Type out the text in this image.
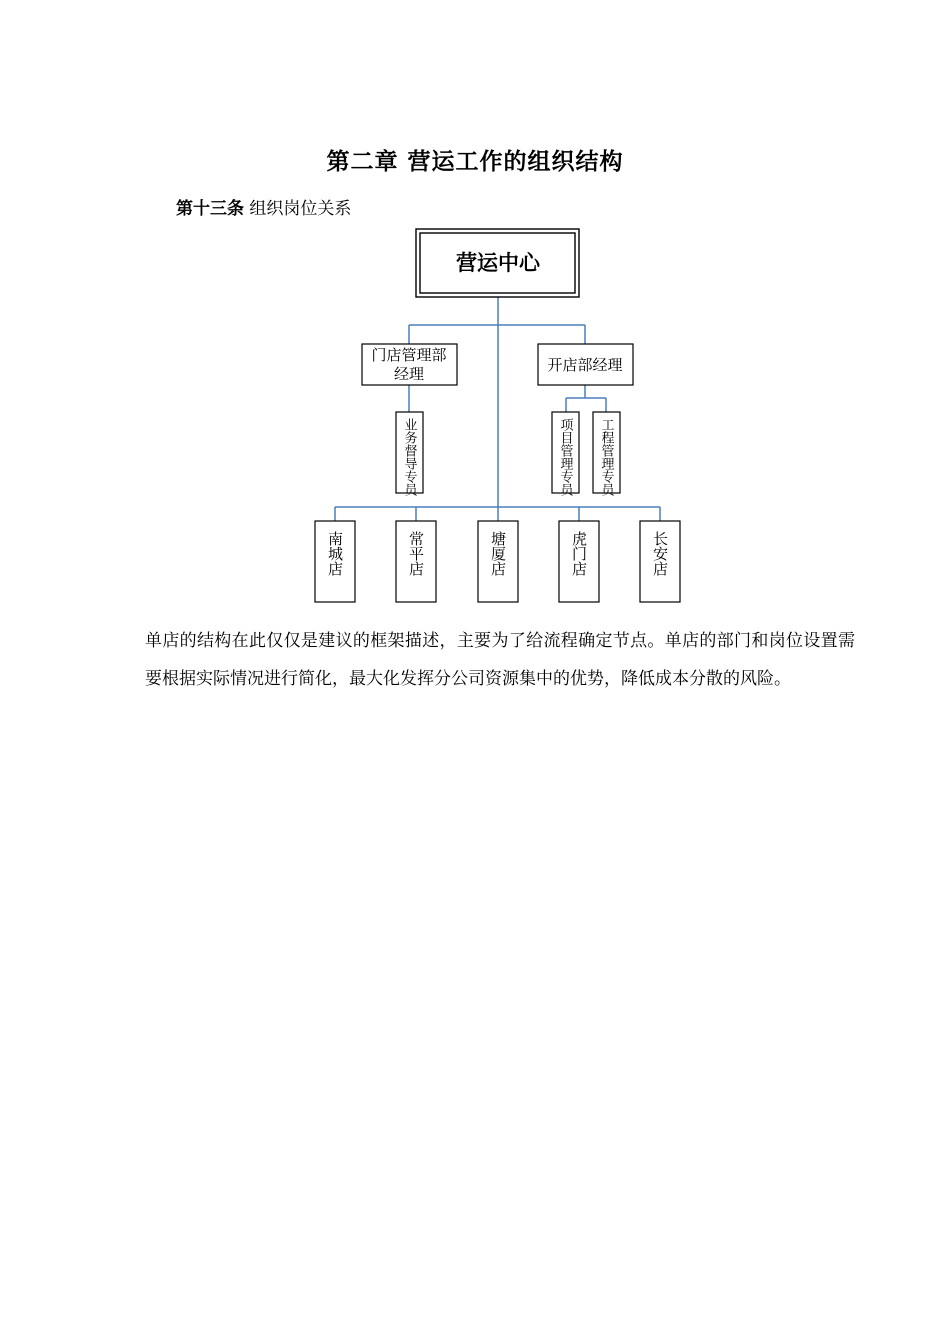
第二章 营运工作的组织结构
第十三条 组织岗位关系
营运中心
门店管理部
经理	开店部经理
业务督导专员	项目管理专员 工程管理专员
南城店	常平店	塘厦店	虎门店	长安店
单店的结构在此仅仅是建议的框架描述，主要为了给流程确定节点。单店的部门和岗位设置需要根据实际情况进行简化，最大化发挥分公司资源集中的优势，降低成本分散的风险。
